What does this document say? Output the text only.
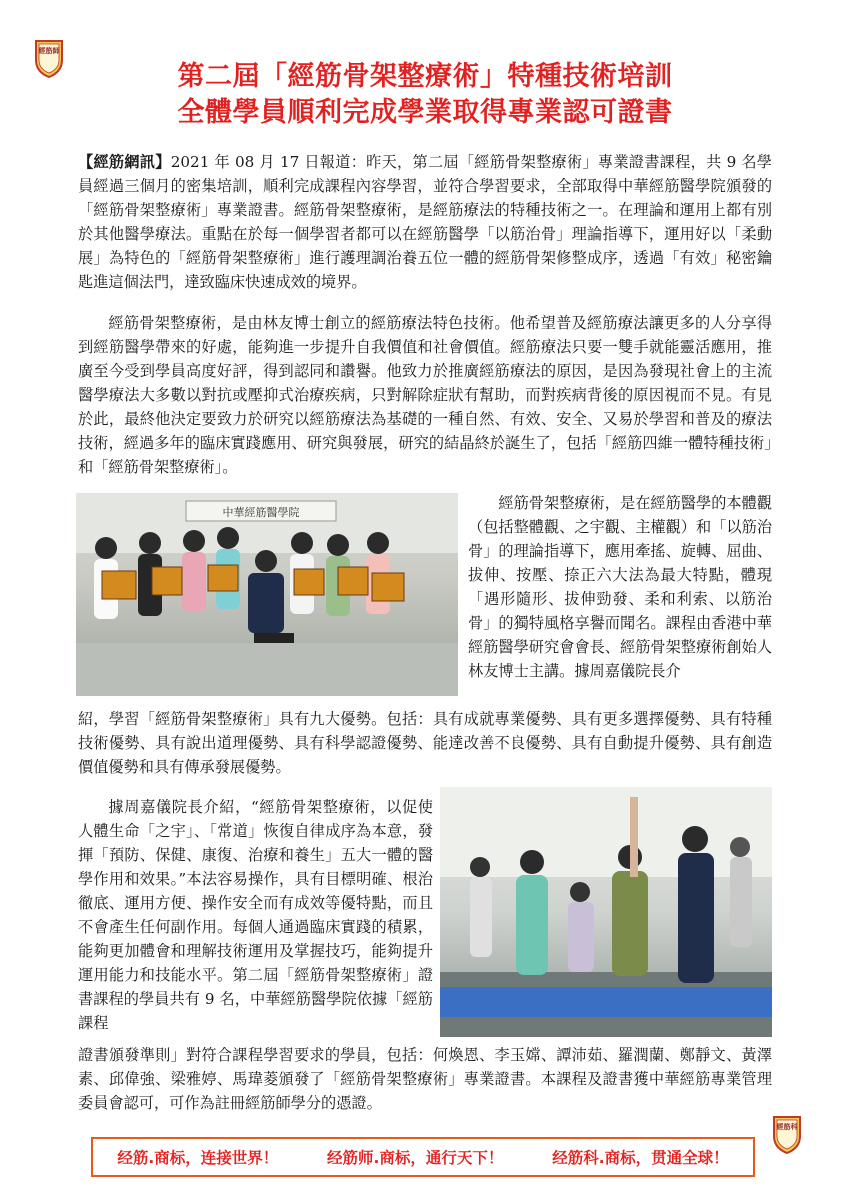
經筋師
第二屆「經筋骨架整療術」特種技術培訓
全體學員順利完成學業取得專業認可證書

【經筋網訊】2021 年 08 月 17 日報道：昨天，第二屆「經筋骨架整療術」專業證書課程，共 9 名學員經過三個月的密集培訓，順利完成課程內容學習，並符合學習要求，全部取得中華經筋醫學院頒發的「經筋骨架整療術」專業證書。經筋骨架整療術，是經筋療法的特種技術之一。在理論和運用上都有別於其他醫學療法。重點在於每一個學習者都可以在經筋醫學「以筋治骨」理論指導下，運用好以「柔動展」為特色的「經筋骨架整療術」進行護理調治養五位一體的經筋骨架修整成序，透過「有效」秘密鑰匙進這個法門，達致臨床快速成效的境界。

經筋骨架整療術，是由林友博士創立的經筋療法特色技術。他希望普及經筋療法讓更多的人分享得到經筋醫學帶來的好處，能夠進一步提升自我價值和社會價值。經筋療法只要一雙手就能靈活應用，推廣至今受到學員高度好評，得到認同和讚譽。他致力於推廣經筋療法的原因，是因為發現社會上的主流醫學療法大多數以對抗或壓抑式治療疾病，只對解除症狀有幫助，而對疾病背後的原因視而不見。有見於此，最終他決定要致力於研究以經筋療法為基礎的一種自然、有效、安全、又易於學習和普及的療法技術，經過多年的臨床實踐應用、研究與發展，研究的結晶終於誕生了，包括「經筋四維一體特種技術」和「經筋骨架整療術」。

中華經筋醫學院

經筋骨架整療術，是在經筋醫學的本體觀（包括整體觀、之宇觀、主權觀）和「以筋治骨」的理論指導下，應用牽搖、旋轉、屈曲、拔伸、按壓、捺正六大法為最大特點，體現「遇形隨形、拔伸勁發、柔和利索、以筋治骨」的獨特風格享譽而聞名。課程由香港中華經筋醫學研究會會長、經筋骨架整療術創始人 林友博士主講。據周嘉儀院長介

紹，學習「經筋骨架整療術」具有九大優勢。包括：具有成就專業優勢、具有更多選擇優勢、具有特種技術優勢、具有說出道理優勢、具有科學認證優勢、能達改善不良優勢、具有自動提升優勢、具有創造價值優勢和具有傳承發展優勢。

據周嘉儀院長介紹，“經筋骨架整療術，以促使人體生命「之宇」、「常道」恢復自律成序為本意，發揮「預防、保健、康復、治療和養生」五大一體的醫學作用和效果。”本法容易操作，具有目標明確、根治徹底、運用方便、操作安全而有成效等優特點，而且不會產生任何副作用。每個人通過臨床實踐的積累，能夠更加體會和理解技術運用及掌握技巧，能夠提升運用能力和技能水平。第二屆「經筋骨架整療術」證書課程的學員共有 9 名，中華經筋醫學院依據「經筋課程

證書頒發準則」對符合課程學習要求的學員，包括：何煥恩、李玉嫦、譚沛茹、羅潤蘭、鄭靜文、黃澤素、邱偉強、梁雅婷、馬瑋菱頒發了「經筋骨架整療術」專業證書。本課程及證書獲中華經筋專業管理委員會認可，可作為註冊經筋師學分的憑證。

經筋科
经筋.商标，连接世界！	经筋师.商标，通行天下！	经筋科.商标，贯通全球！
